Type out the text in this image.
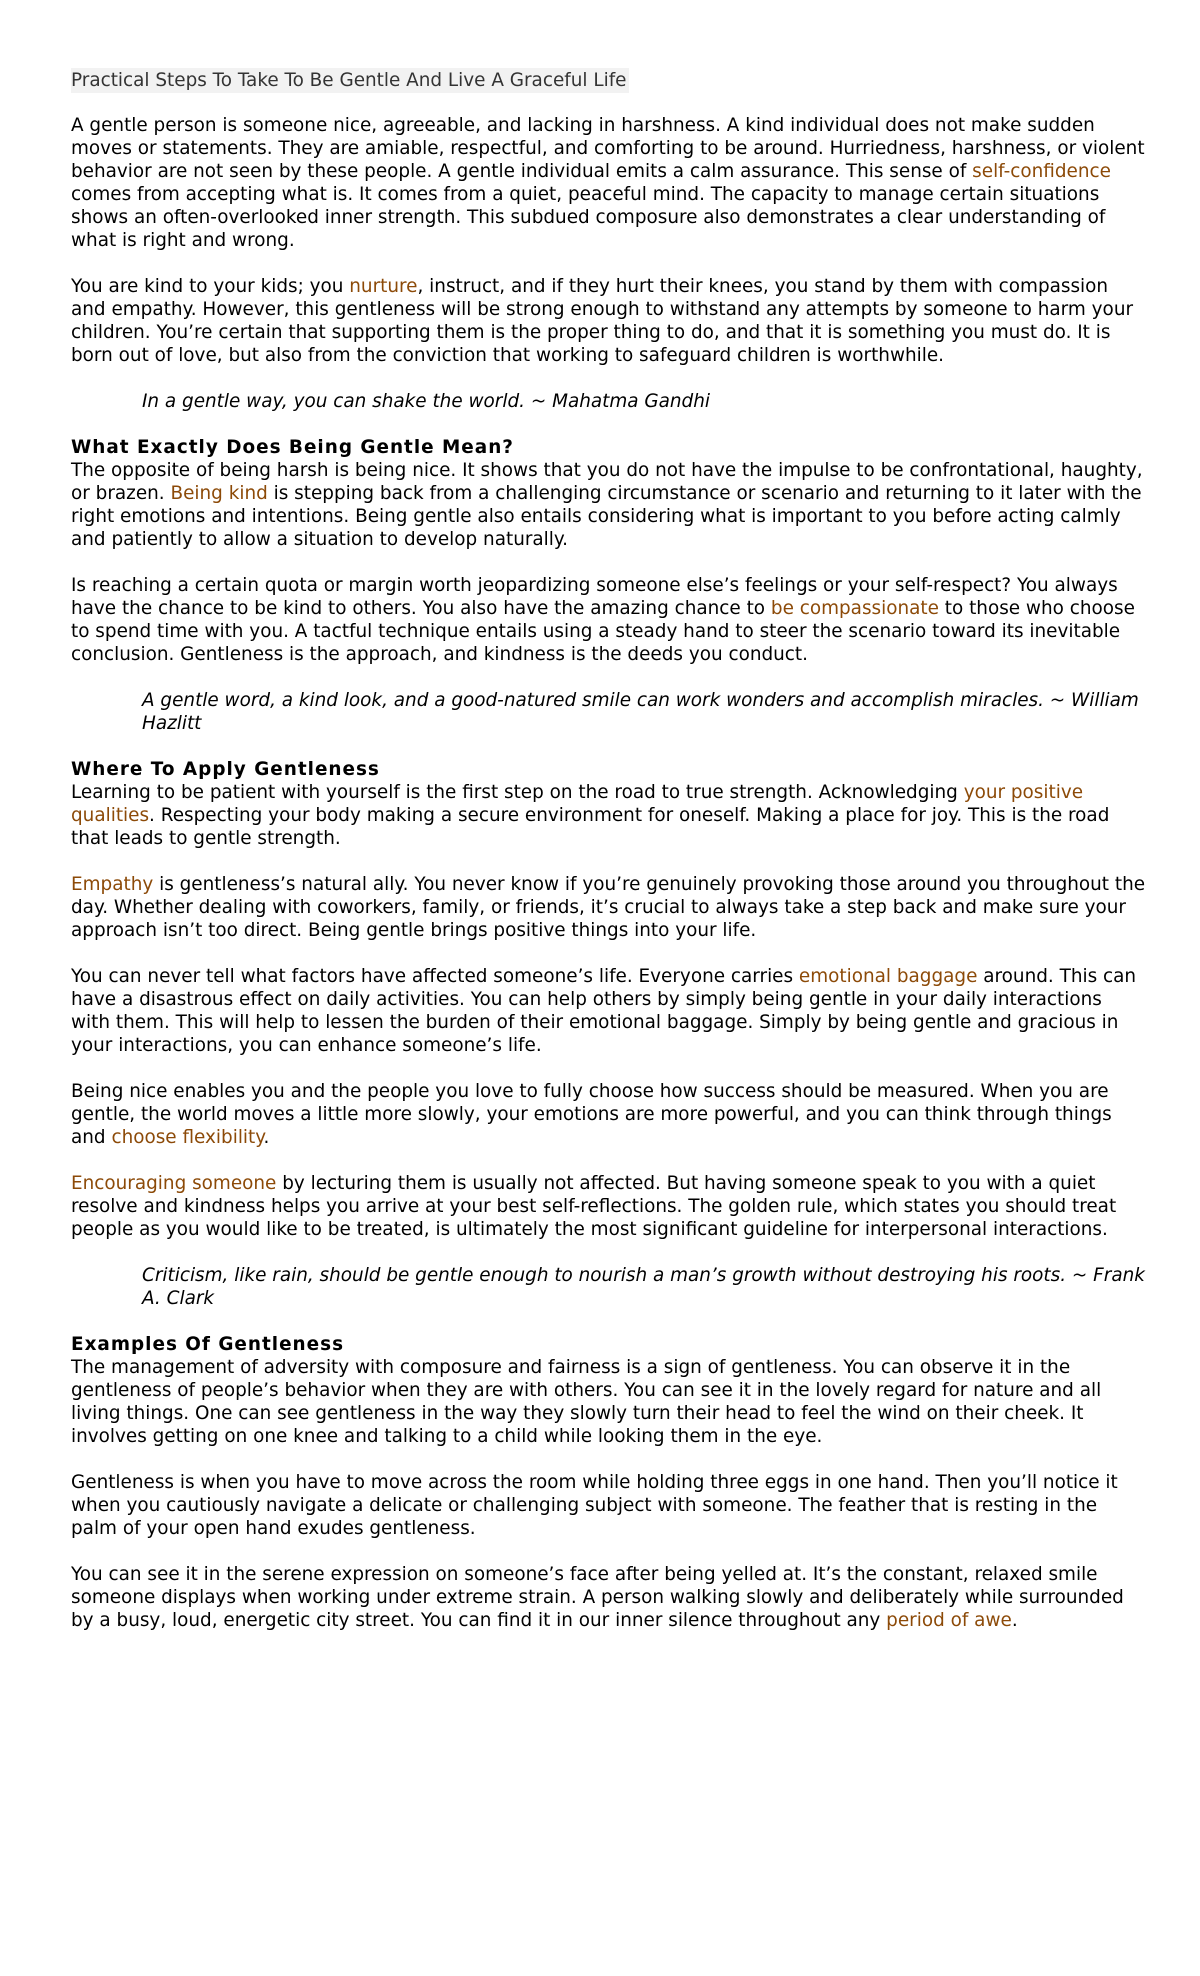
Practical Steps To Take To Be Gentle And Live A Graceful Life

A gentle person is someone nice, agreeable, and lacking in harshness. A kind individual does not make sudden moves or statements. They are amiable, respectful, and comforting to be around. Hurriedness, harshness, or violent behavior are not seen by these people. A gentle individual emits a calm assurance. This sense of self-confidence comes from accepting what is. It comes from a quiet, peaceful mind. The capacity to manage certain situations shows an often-overlooked inner strength. This subdued composure also demonstrates a clear understanding of what is right and wrong.

You are kind to your kids; you nurture, instruct, and if they hurt their knees, you stand by them with compassion and empathy. However, this gentleness will be strong enough to withstand any attempts by someone to harm your children. You’re certain that supporting them is the proper thing to do, and that it is something you must do. It is born out of love, but also from the conviction that working to safeguard children is worthwhile.

In a gentle way, you can shake the world. ~ Mahatma Gandhi

What Exactly Does Being Gentle Mean?

The opposite of being harsh is being nice. It shows that you do not have the impulse to be confrontational, haughty, or brazen. Being kind is stepping back from a challenging circumstance or scenario and returning to it later with the right emotions and intentions. Being gentle also entails considering what is important to you before acting calmly and patiently to allow a situation to develop naturally.

Is reaching a certain quota or margin worth jeopardizing someone else’s feelings or your self-respect? You always have the chance to be kind to others. You also have the amazing chance to be compassionate to those who choose to spend time with you. A tactful technique entails using a steady hand to steer the scenario toward its inevitable conclusion. Gentleness is the approach, and kindness is the deeds you conduct.

A gentle word, a kind look, and a good-natured smile can work wonders and accomplish miracles. ~ William Hazlitt

Where To Apply Gentleness

Learning to be patient with yourself is the first step on the road to true strength. Acknowledging your positive qualities. Respecting your body making a secure environment for oneself. Making a place for joy. This is the road that leads to gentle strength.

Empathy is gentleness’s natural ally. You never know if you’re genuinely provoking those around you throughout the day. Whether dealing with coworkers, family, or friends, it’s crucial to always take a step back and make sure your approach isn’t too direct. Being gentle brings positive things into your life.

You can never tell what factors have affected someone’s life. Everyone carries emotional baggage around. This can have a disastrous effect on daily activities. You can help others by simply being gentle in your daily interactions with them. This will help to lessen the burden of their emotional baggage. Simply by being gentle and gracious in your interactions, you can enhance someone’s life.

Being nice enables you and the people you love to fully choose how success should be measured. When you are gentle, the world moves a little more slowly, your emotions are more powerful, and you can think through things and choose flexibility.

Encouraging someone by lecturing them is usually not affected. But having someone speak to you with a quiet resolve and kindness helps you arrive at your best self-reflections. The golden rule, which states you should treat people as you would like to be treated, is ultimately the most significant guideline for interpersonal interactions.

Criticism, like rain, should be gentle enough to nourish a man’s growth without destroying his roots. ~ Frank A. Clark

Examples Of Gentleness

The management of adversity with composure and fairness is a sign of gentleness. You can observe it in the gentleness of people’s behavior when they are with others. You can see it in the lovely regard for nature and all living things. One can see gentleness in the way they slowly turn their head to feel the wind on their cheek. It involves getting on one knee and talking to a child while looking them in the eye.

Gentleness is when you have to move across the room while holding three eggs in one hand. Then you’ll notice it when you cautiously navigate a delicate or challenging subject with someone. The feather that is resting in the palm of your open hand exudes gentleness.

You can see it in the serene expression on someone’s face after being yelled at. It’s the constant, relaxed smile someone displays when working under extreme strain. A person walking slowly and deliberately while surrounded by a busy, loud, energetic city street. You can find it in our inner silence throughout any period of awe.
